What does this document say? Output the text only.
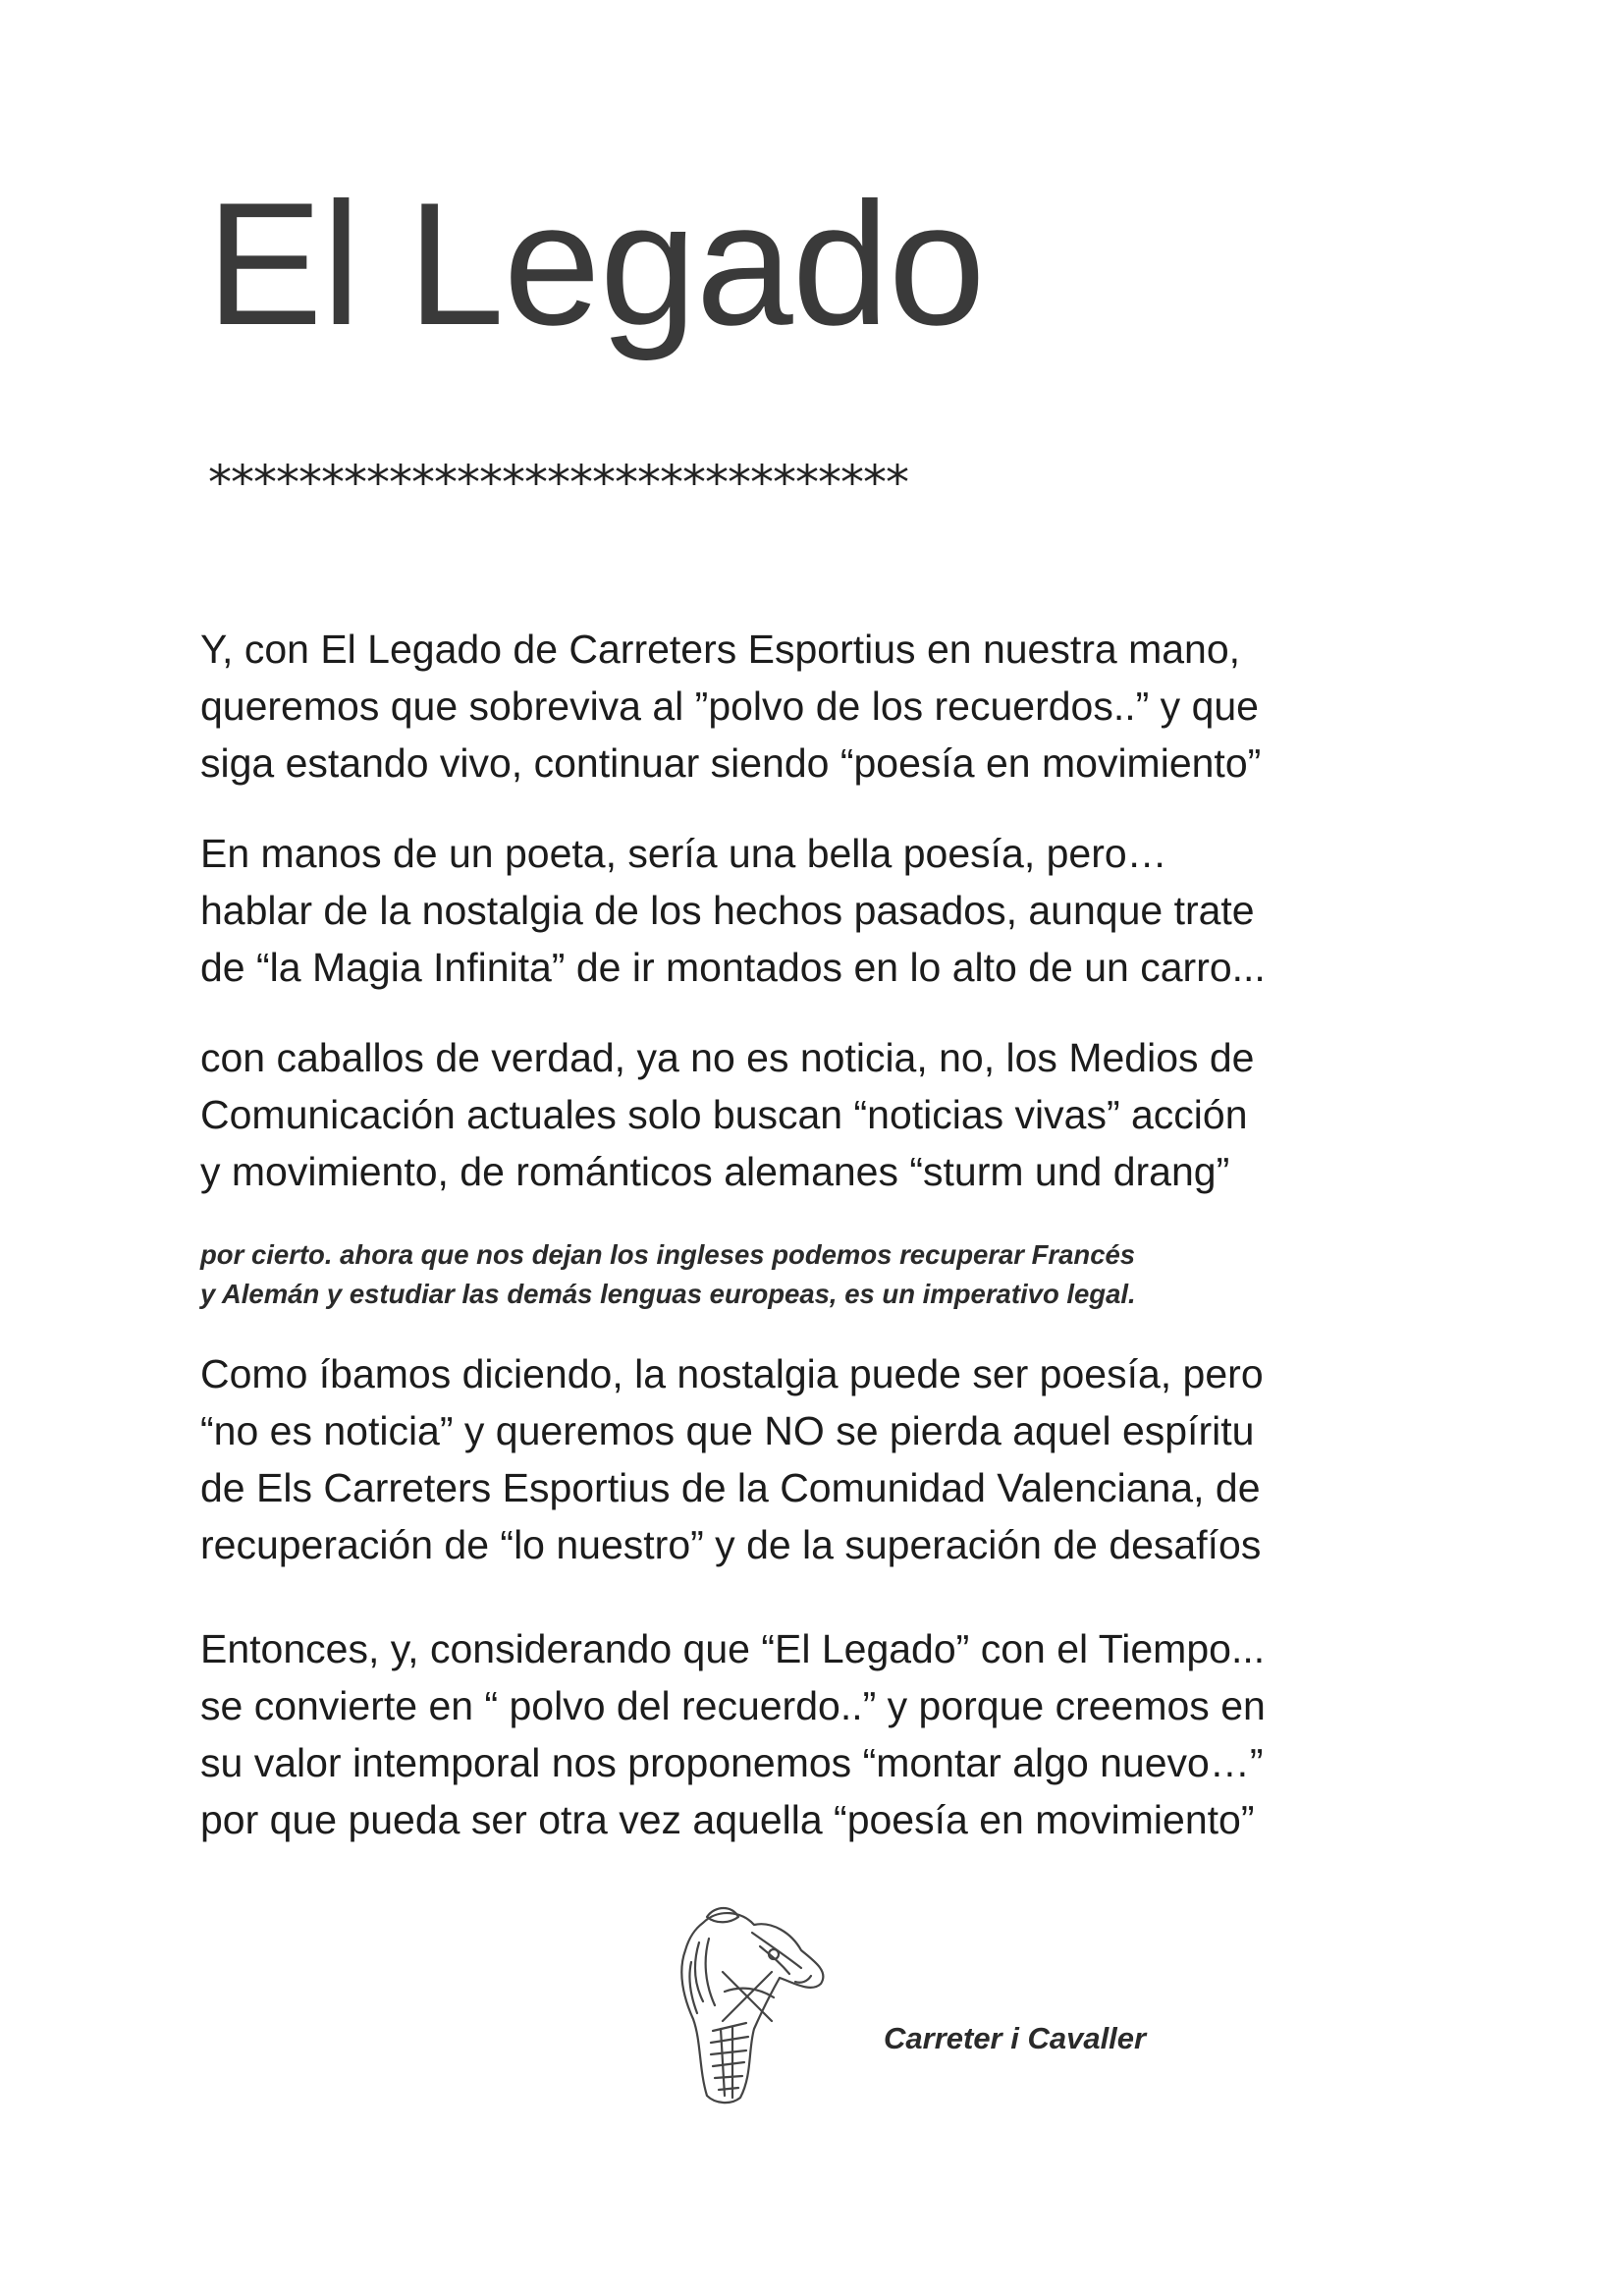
El Legado

*******************************

Y, con El Legado de Carreters Esportius en nuestra mano,
queremos que sobreviva al ”polvo de los recuerdos..” y que
siga estando vivo, continuar siendo “poesía en movimiento”

En manos de un poeta, sería una bella poesía, pero…
hablar de la nostalgia de los hechos pasados, aunque trate
de “la Magia Infinita” de ir montados en lo alto de un carro...

con caballos de verdad, ya no es noticia, no, los Medios de
Comunicación actuales solo buscan “noticias vivas” acción
y movimiento, de románticos alemanes “sturm und drang”

por cierto. ahora que nos dejan los ingleses podemos recuperar Francés
y Alemán y estudiar las demás lenguas europeas, es un imperativo legal.

Como íbamos diciendo, la nostalgia puede ser poesía, pero
“no es noticia” y queremos que NO se pierda aquel espíritu
de Els Carreters Esportius de la Comunidad Valenciana, de
recuperación de “lo nuestro” y de la superación de desafíos

Entonces, y, considerando que “El Legado” con el Tiempo...
se convierte en “ polvo del recuerdo..” y porque creemos en
su valor intemporal nos proponemos “montar algo nuevo…”
por que pueda ser otra vez aquella “poesía en movimiento”

Carreter i Cavaller
